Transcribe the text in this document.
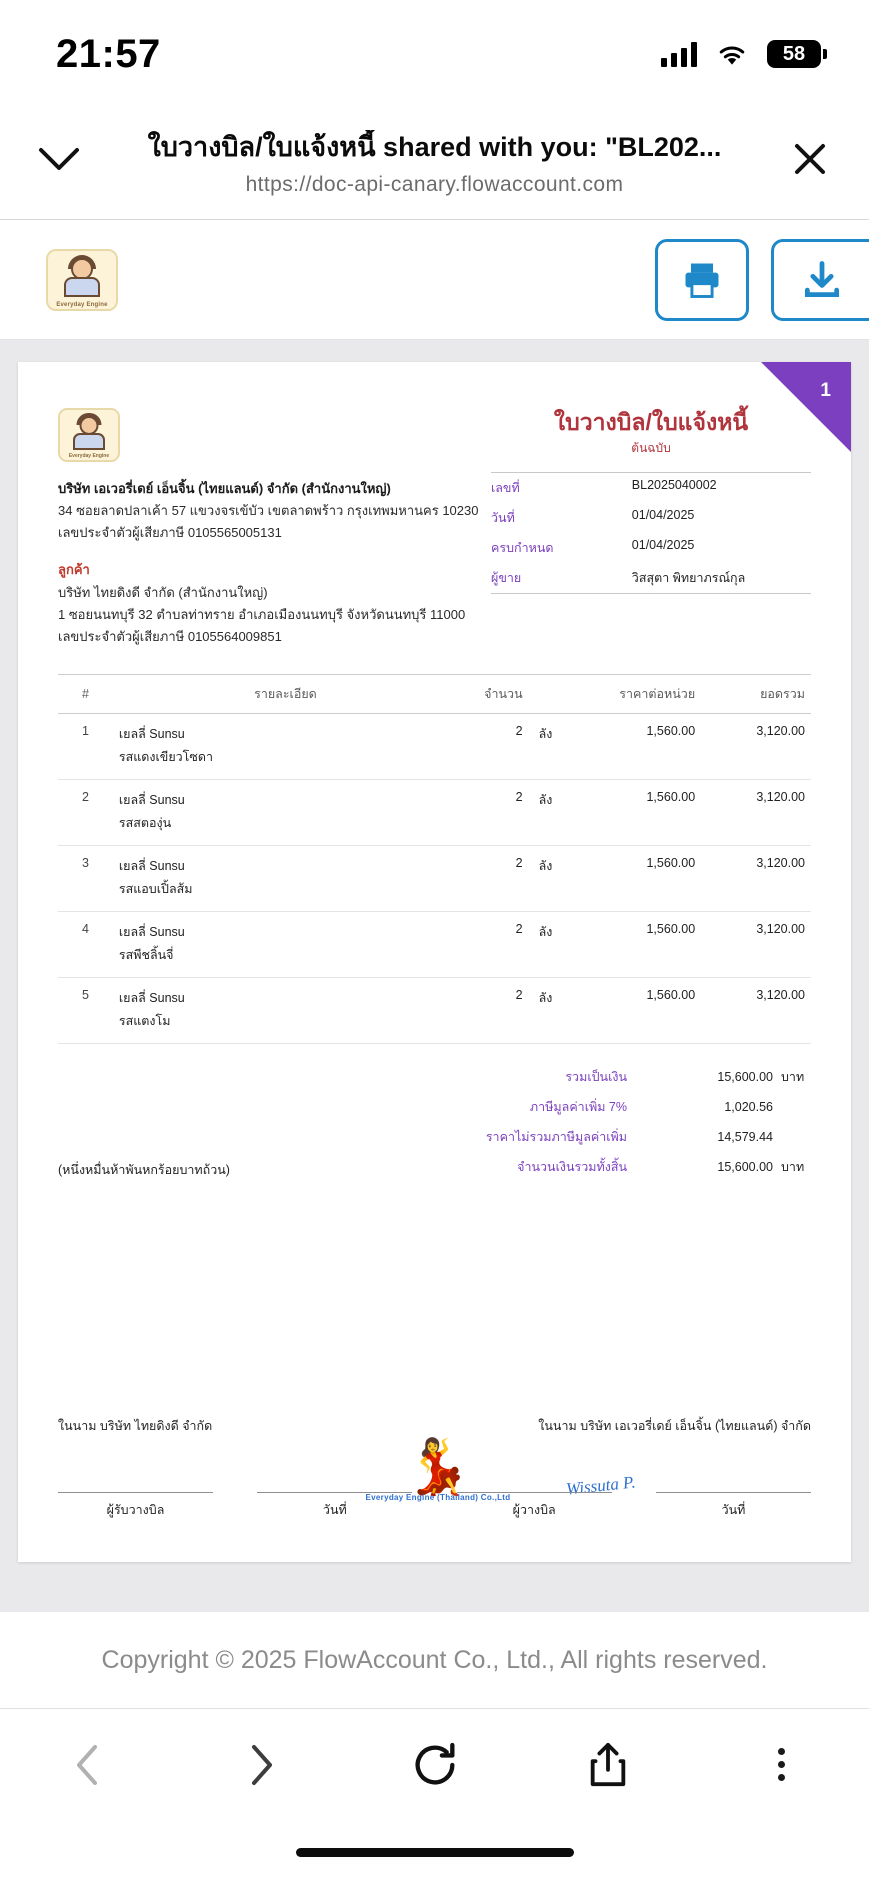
21:57	58
ใบวางบิล/ใบแจ้งหนี้ shared with you: "BL202...
https://doc-api-canary.flowaccount.com
Everyday Engine
1
Everyday Engine
บริษัท เอเวอรี่เดย์ เอ็นจิ้น (ไทยแลนด์) จำกัด (สำนักงานใหญ่)
34 ซอยลาดปลาเค้า 57 แขวงจรเข้บัว เขตลาดพร้าว กรุงเทพมหานคร 10230
เลขประจำตัวผู้เสียภาษี 0105565005131
ลูกค้า
บริษัท ไทยดิงดี จำกัด (สำนักงานใหญ่)
1 ซอยนนทบุรี 32 ตำบลท่าทราย อำเภอเมืองนนทบุรี จังหวัดนนทบุรี 11000
เลขประจำตัวผู้เสียภาษี 0105564009851
ใบวางบิล/ใบแจ้งหนี้
ต้นฉบับ
เลขที่	BL2025040002
วันที่	01/04/2025
ครบกำหนด	01/04/2025
ผู้ขาย	วิสสุตา พิทยาภรณ์กุล
#	รายละเอียด	จำนวน		ราคาต่อหน่วย	ยอดรวม
1	เยลลี่ Sunsu
รสแดงเขียวโซดา	2	ลัง	1,560.00	3,120.00
2	เยลลี่ Sunsu
รสสตองุ่น	2	ลัง	1,560.00	3,120.00
3	เยลลี่ Sunsu
รสแอบเปิ้ลส้ม	2	ลัง	1,560.00	3,120.00
4	เยลลี่ Sunsu
รสพีชลิ้นจี่	2	ลัง	1,560.00	3,120.00
5	เยลลี่ Sunsu
รสแตงโม	2	ลัง	1,560.00	3,120.00
รวมเป็นเงิน	15,600.00	บาท
ภาษีมูลค่าเพิ่ม 7%	1,020.56	
ราคาไม่รวมภาษีมูลค่าเพิ่ม	14,579.44	
จำนวนเงินรวมทั้งสิ้น	15,600.00	บาท
(หนึ่งหมื่นห้าพันหกร้อยบาทถ้วน)
ในนาม บริษัท ไทยดิงดี จำกัด	ในนาม บริษัท เอเวอรี่เดย์ เอ็นจิ้น (ไทยแลนด์) จำกัด
💃
Everyday Engine (Thailand) Co.,Ltd	Wissuta P.
ผู้รับวางบิล	วันที่	ผู้วางบิล	วันที่
Copyright © 2025 FlowAccount Co., Ltd., All rights reserved.
